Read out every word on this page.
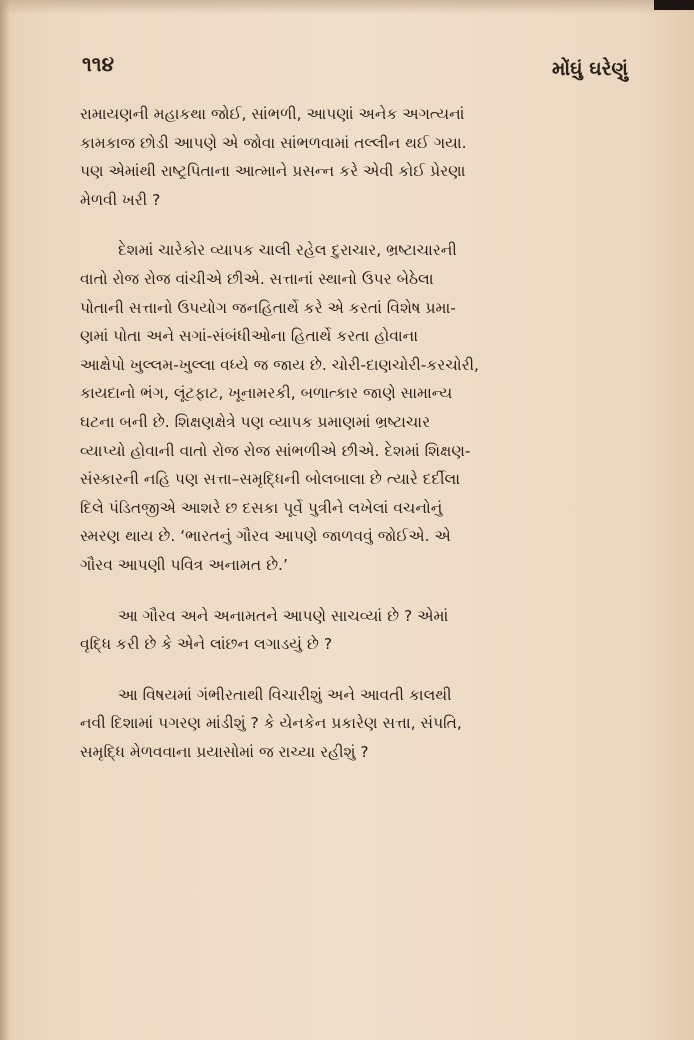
૧૧૪	મોંઘું ઘરેણું

રામાયણની મહાકથા જોઈ, સાંભળી, આપણાં અનેક અગત્યનાં
કામકાજ છોડી આપણે એ જોવા સાંભળવામાં તલ્લીન થઈ ગયા.
પણ એમાંથી રાષ્ટ્રપિતાના આત્માને પ્રસન્ન કરે એવી કોઈ પ્રેરણા
મેળવી ખરી ?

દેશમાં ચારેકોર વ્યાપક ચાલી રહેલ દુરાચાર, ભ્રષ્ટાચારની
વાતો રોજ રોજ વાંચીએ છીએ. સત્તાનાં સ્થાનો ઉપર બેઠેલા
પોતાની સત્તાનો ઉપયોગ જનહિતાર્થે કરે એ કરતાં વિશેષ પ્રમા-
ણમાં પોતા અને સગાં-સંબંધીઓના હિતાર્થે કરતા હોવાના
આક્ષેપો ખુલ્લમ-ખુલ્લા વધ્યે જ જાય છે. ચોરી-દાણચોરી-કરચોરી,
કાયદાનો ભંગ, લૂંટફાટ, ખૂનામરકી, બળાત્કાર જાણે સામાન્ય
ઘટના બની છે. શિક્ષણક્ષેત્રે પણ વ્યાપક પ્રમાણમાં ભ્રષ્ટાચાર
વ્યાપ્યો હોવાની વાતો રોજ રોજ સાંભળીએ છીએ. દેશમાં શિક્ષણ-
સંસ્કારની નહિ પણ સત્તા–સમૃદ્ધિની બોલબાલા છે ત્યારે દર્દીલા
દિલે પંડિતજીએ આશરે છ દસકા પૂર્વે પુત્રીને લખેલાં વચનોનું
સ્મરણ થાય છે. ‘ભારતનું ગૌરવ આપણે જાળવવું જોઈએ. એ
ગૌરવ આપણી પવિત્ર અનામત છે.’

આ ગૌરવ અને અનામતને આપણે સાચવ્યાં છે ? એમાં
વૃદ્ધિ કરી છે કે એને લાંછન લગાડયું છે ?

આ વિષયમાં ગંભીરતાથી વિચારીશું અને આવતી કાલથી
નવી દિશામાં પગરણ માંડીશું ? કે યેનકેન પ્રકારેણ સત્તા, સંપતિ,
સમૃદ્ધિ મેળવવાના પ્રયાસોમાં જ રાચ્યા રહીશું ?
